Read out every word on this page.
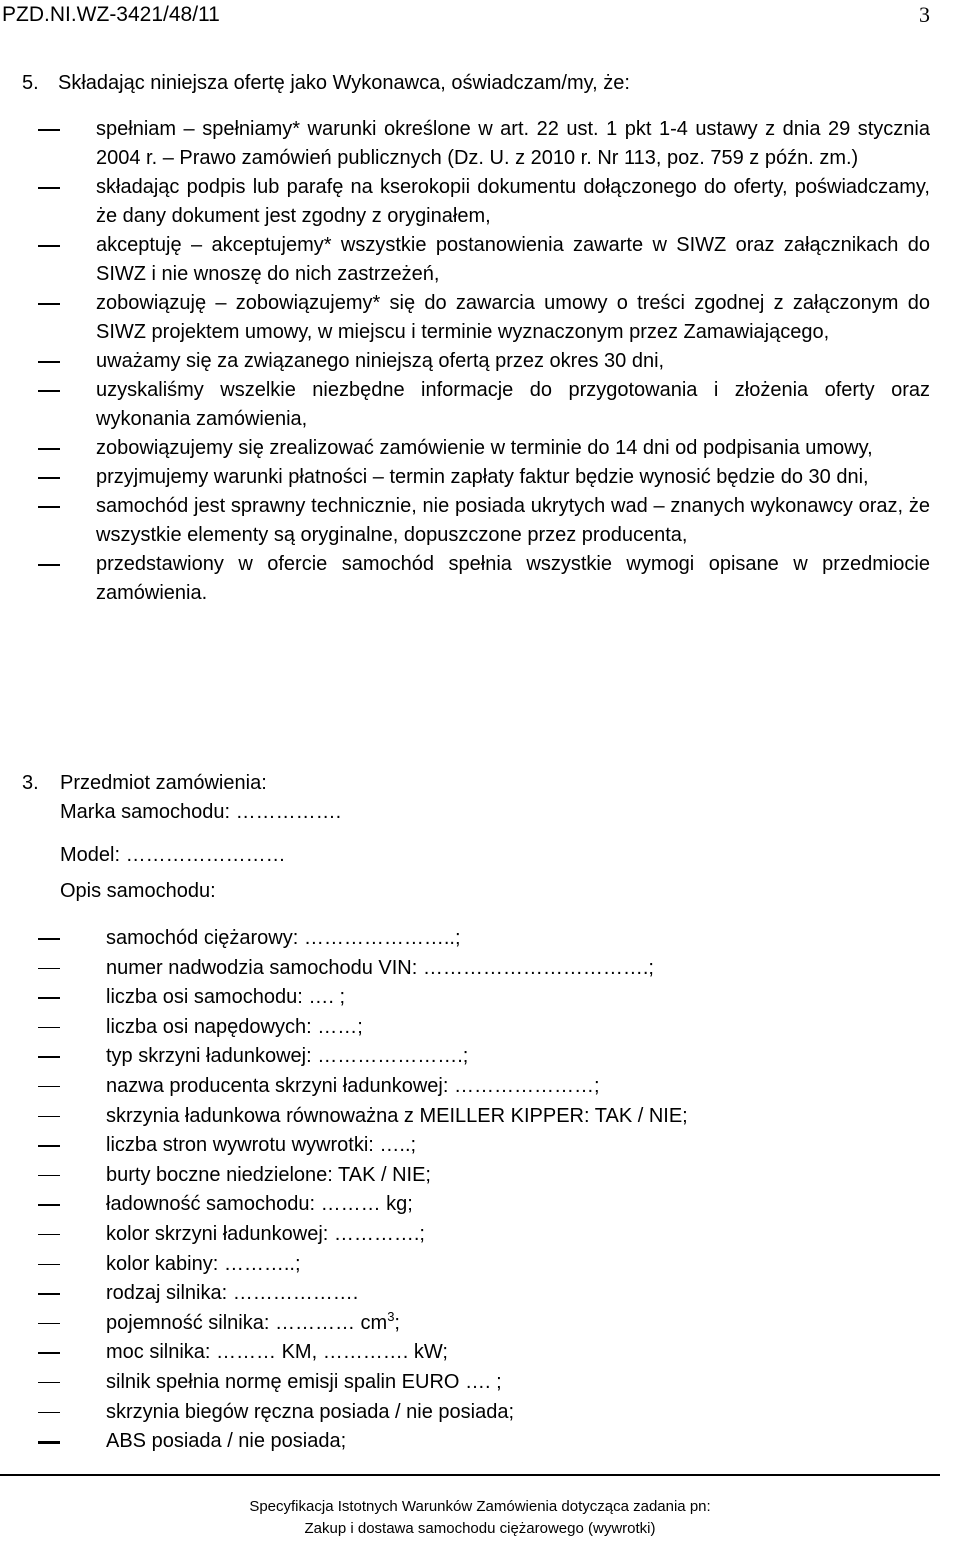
PZD.NI.WZ-3421/48/11	3
5. Składając niniejsza ofertę jako Wykonawca, oświadczam/my, że:
spełniam – spełniamy* warunki określone w art. 22 ust. 1 pkt 1-4 ustawy z dnia 29 stycznia 2004 r. – Prawo zamówień publicznych (Dz. U. z 2010 r. Nr 113, poz. 759 z późn. zm.)
składając podpis lub parafę na kserokopii dokumentu dołączonego do oferty, poświadczamy, że dany dokument jest zgodny z oryginałem,
akceptuję – akceptujemy* wszystkie postanowienia zawarte w SIWZ oraz załącznikach do SIWZ i nie wnoszę do nich zastrzeżeń,
zobowiązuję – zobowiązujemy* się do zawarcia umowy o treści zgodnej z załączonym do SIWZ projektem umowy, w miejscu i terminie wyznaczonym przez Zamawiającego,
uważamy się za związanego niniejszą ofertą przez okres 30 dni,
uzyskaliśmy wszelkie niezbędne informacje do przygotowania i złożenia oferty oraz wykonania zamówienia,
zobowiązujemy się zrealizować zamówienie w terminie do 14 dni od podpisania umowy,
przyjmujemy warunki płatności – termin zapłaty faktur będzie wynosić będzie do 30 dni,
samochód jest sprawny technicznie, nie posiada ukrytych wad – znanych wykonawcy oraz, że wszystkie elementy są oryginalne, dopuszczone przez producenta,
przedstawiony w ofercie samochód spełnia wszystkie wymogi opisane w przedmiocie zamówienia.
3. Przedmiot zamówienia:
Marka samochodu: …………….
Model: ……………………
Opis samochodu:
samochód ciężarowy: …………………..;
numer nadwodzia samochodu VIN: …………………………….;
liczba osi samochodu: …. ;
liczba osi napędowych: ……;
typ skrzyni ładunkowej: ………………….;
nazwa producenta skrzyni ładunkowej: …………………;
skrzynia ładunkowa równoważna z MEILLER KIPPER: TAK / NIE;
liczba stron wywrotu wywrotki: …..;
burty boczne niedzielone: TAK / NIE;
ładowność samochodu: ……… kg;
kolor skrzyni ładunkowej: ………….;
kolor kabiny: ………..;
rodzaj silnika: ……………….
pojemność silnika: ………… $cm^3$;
moc silnika: ……… KM, …………. kW;
silnik spełnia normę emisji spalin EURO …. ;
skrzynia biegów ręczna posiada / nie posiada;
ABS posiada / nie posiada;
Specyfikacja Istotnych Warunków Zamówienia dotycząca zadania pn:
Zakup i dostawa samochodu ciężarowego (wywrotki)
